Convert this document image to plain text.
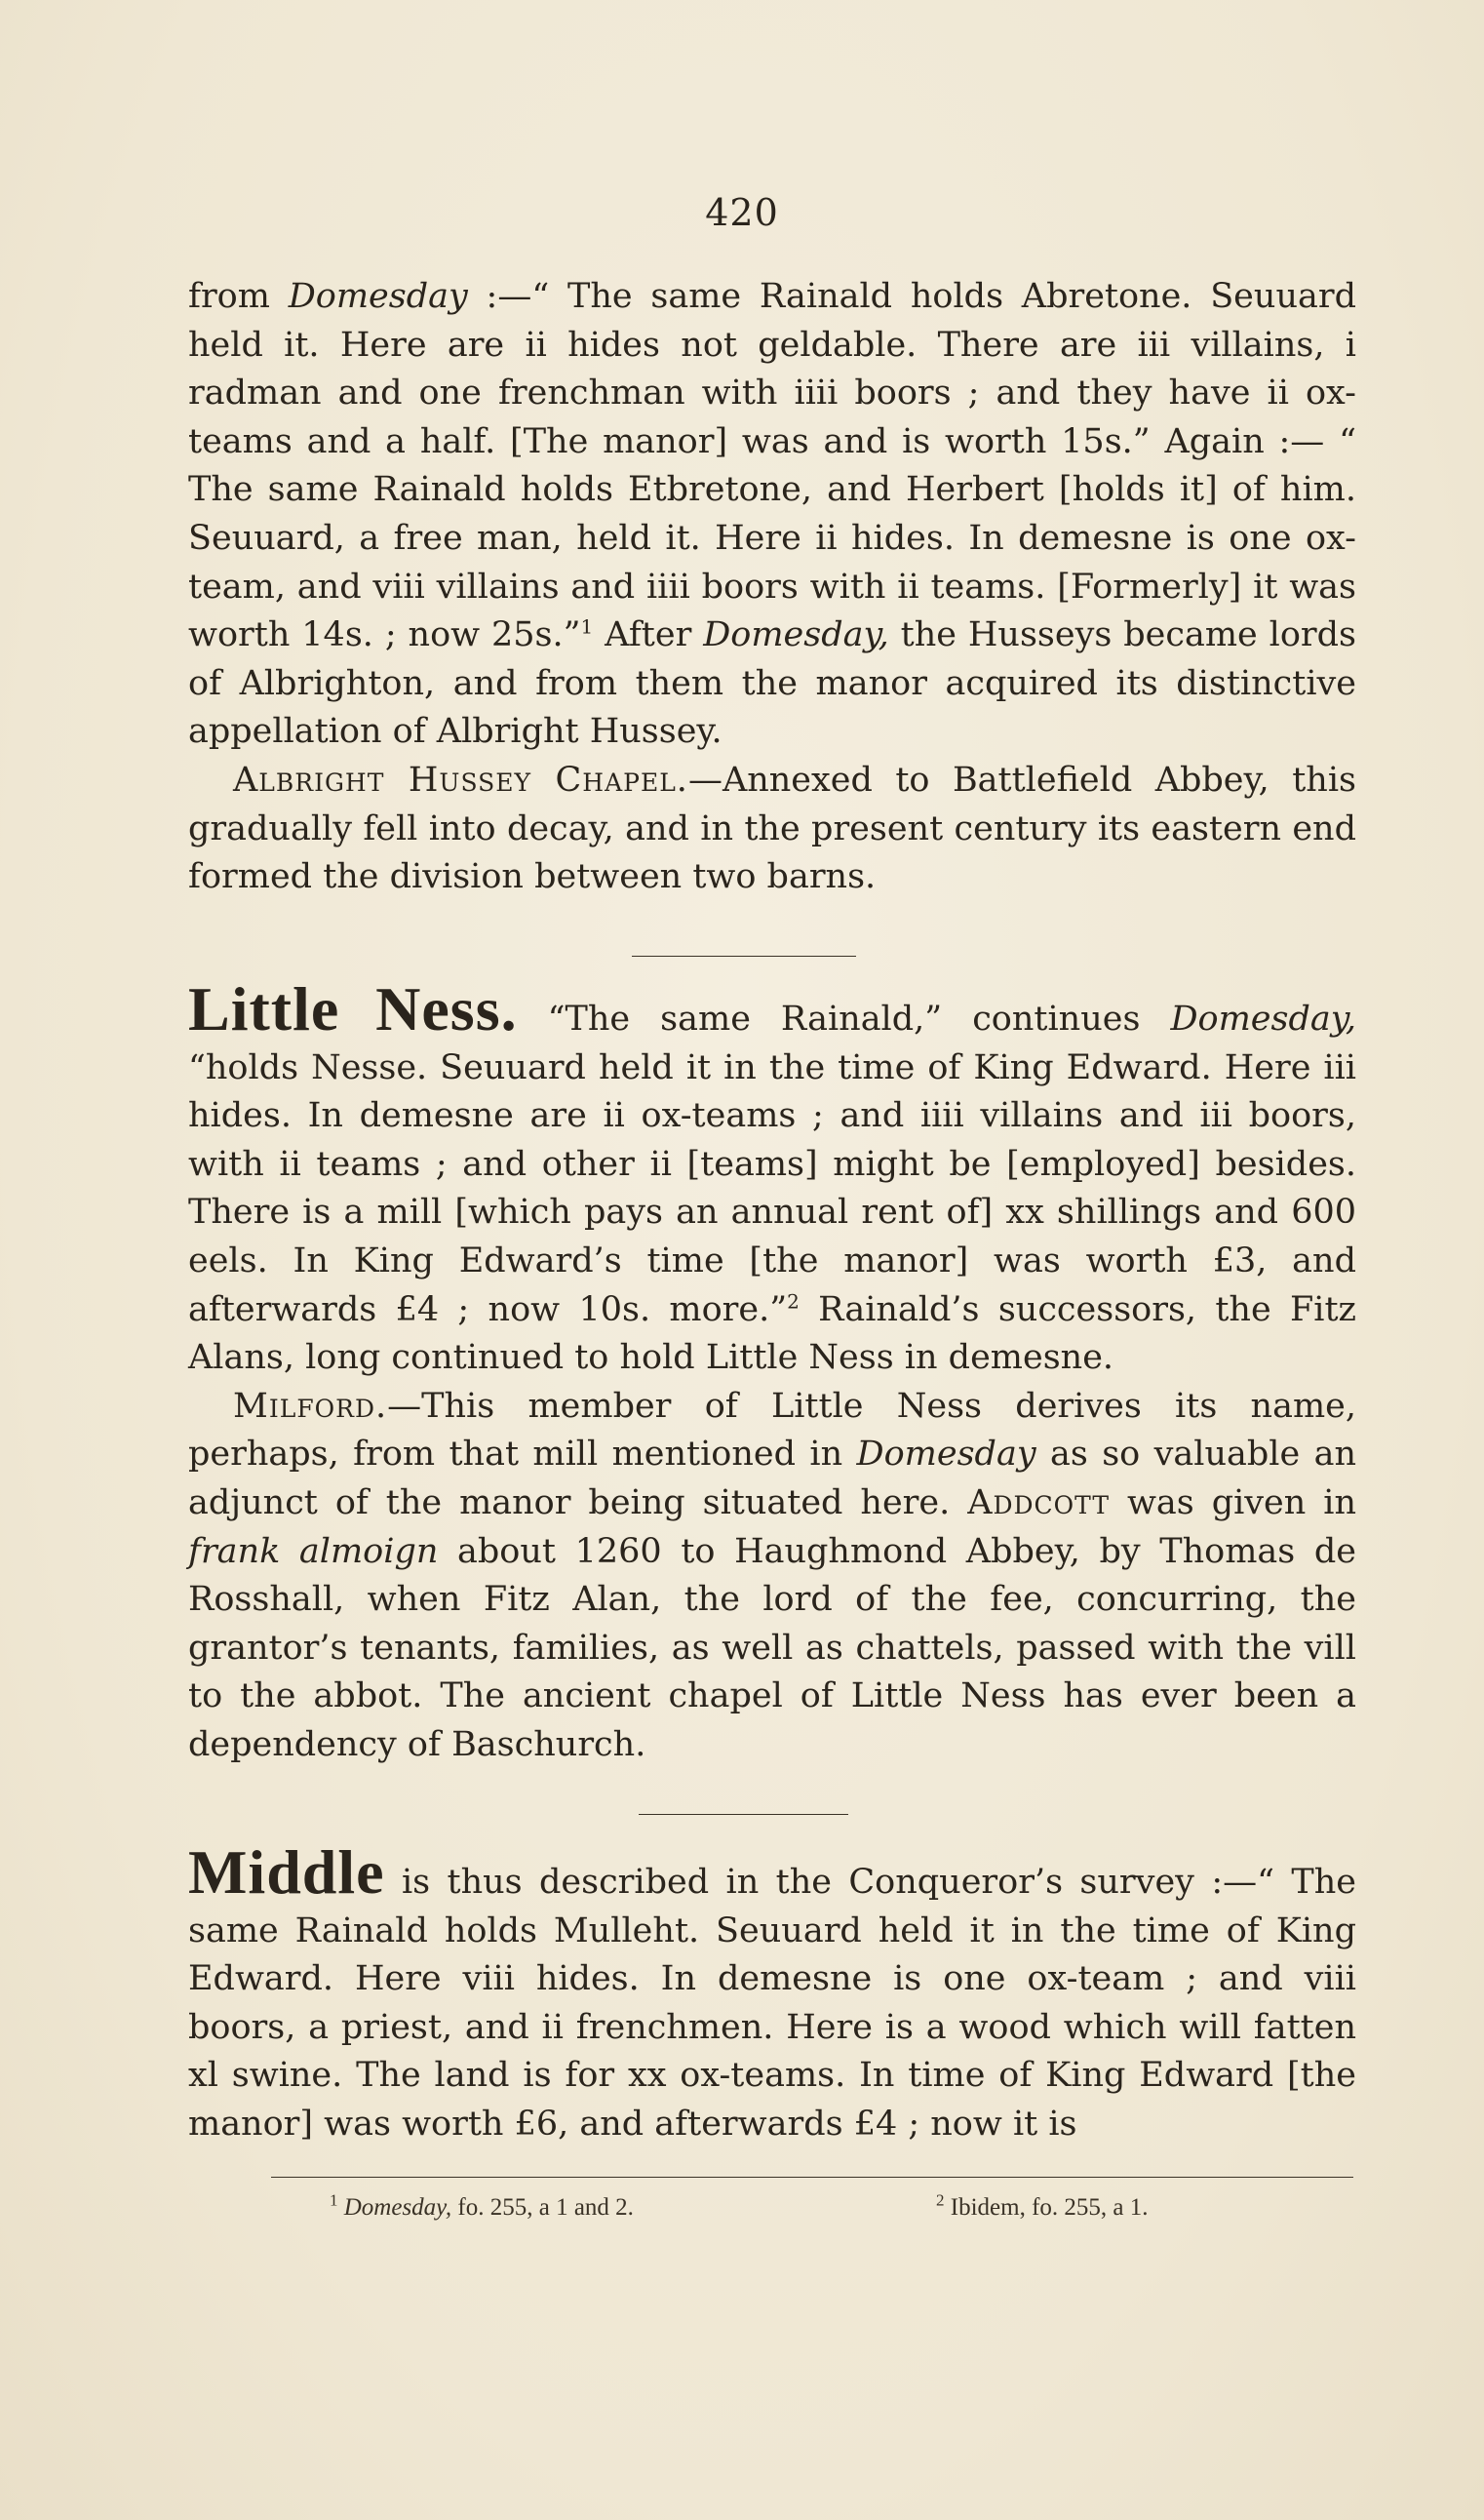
420

from Domesday :—“ The same Rainald holds Abretone. Seuuard held it. Here are ii hides not geldable. There are iii villains, i radman and one frenchman with iiii boors ; and they have ii ox-teams and a half. [The manor] was and is worth 15s.” Again :— “ The same Rainald holds Etbretone, and Herbert [holds it] of him. Seuuard, a free man, held it. Here ii hides. In demesne is one ox-team, and viii villains and iiii boors with ii teams. [Formerly] it was worth 14s. ; now 25s.”$^1$ After Domesday, the Husseys became lords of Albrighton, and from them the manor acquired its distinctive appellation of Albright Hussey.

Albright Hussey Chapel.—Annexed to Battlefield Abbey, this gradually fell into decay, and in the present century its eastern end formed the division between two barns.

Little Ness. “The same Rainald,” continues Domesday, “holds Nesse. Seuuard held it in the time of King Edward. Here iii hides. In demesne are ii ox-teams ; and iiii villains and iii boors, with ii teams ; and other ii [teams] might be [employed] besides. There is a mill [which pays an annual rent of] xx shillings and 600 eels. In King Edward’s time [the manor] was worth £3, and afterwards £4 ; now 10s. more.”$^2$ Rainald’s successors, the Fitz Alans, long continued to hold Little Ness in demesne.

Milford.—This member of Little Ness derives its name, perhaps, from that mill mentioned in Domesday as so valuable an adjunct of the manor being situated here. Addcott was given in frank almoign about 1260 to Haughmond Abbey, by Thomas de Rosshall, when Fitz Alan, the lord of the fee, concurring, the grantor’s tenants, families, as well as chattels, passed with the vill to the abbot. The ancient chapel of Little Ness has ever been a dependency of Baschurch.

Middle is thus described in the Conqueror’s survey :—“ The same Rainald holds Mulleht. Seuuard held it in the time of King Edward. Here viii hides. In demesne is one ox-team ; and viii boors, a priest, and ii frenchmen. Here is a wood which will fatten xl swine. The land is for xx ox-teams. In time of King Edward [the manor] was worth £6, and afterwards £4 ; now it is

$^1$ Domesday, fo. 255, a 1 and 2.	$^2$ Ibidem, fo. 255, a 1.
